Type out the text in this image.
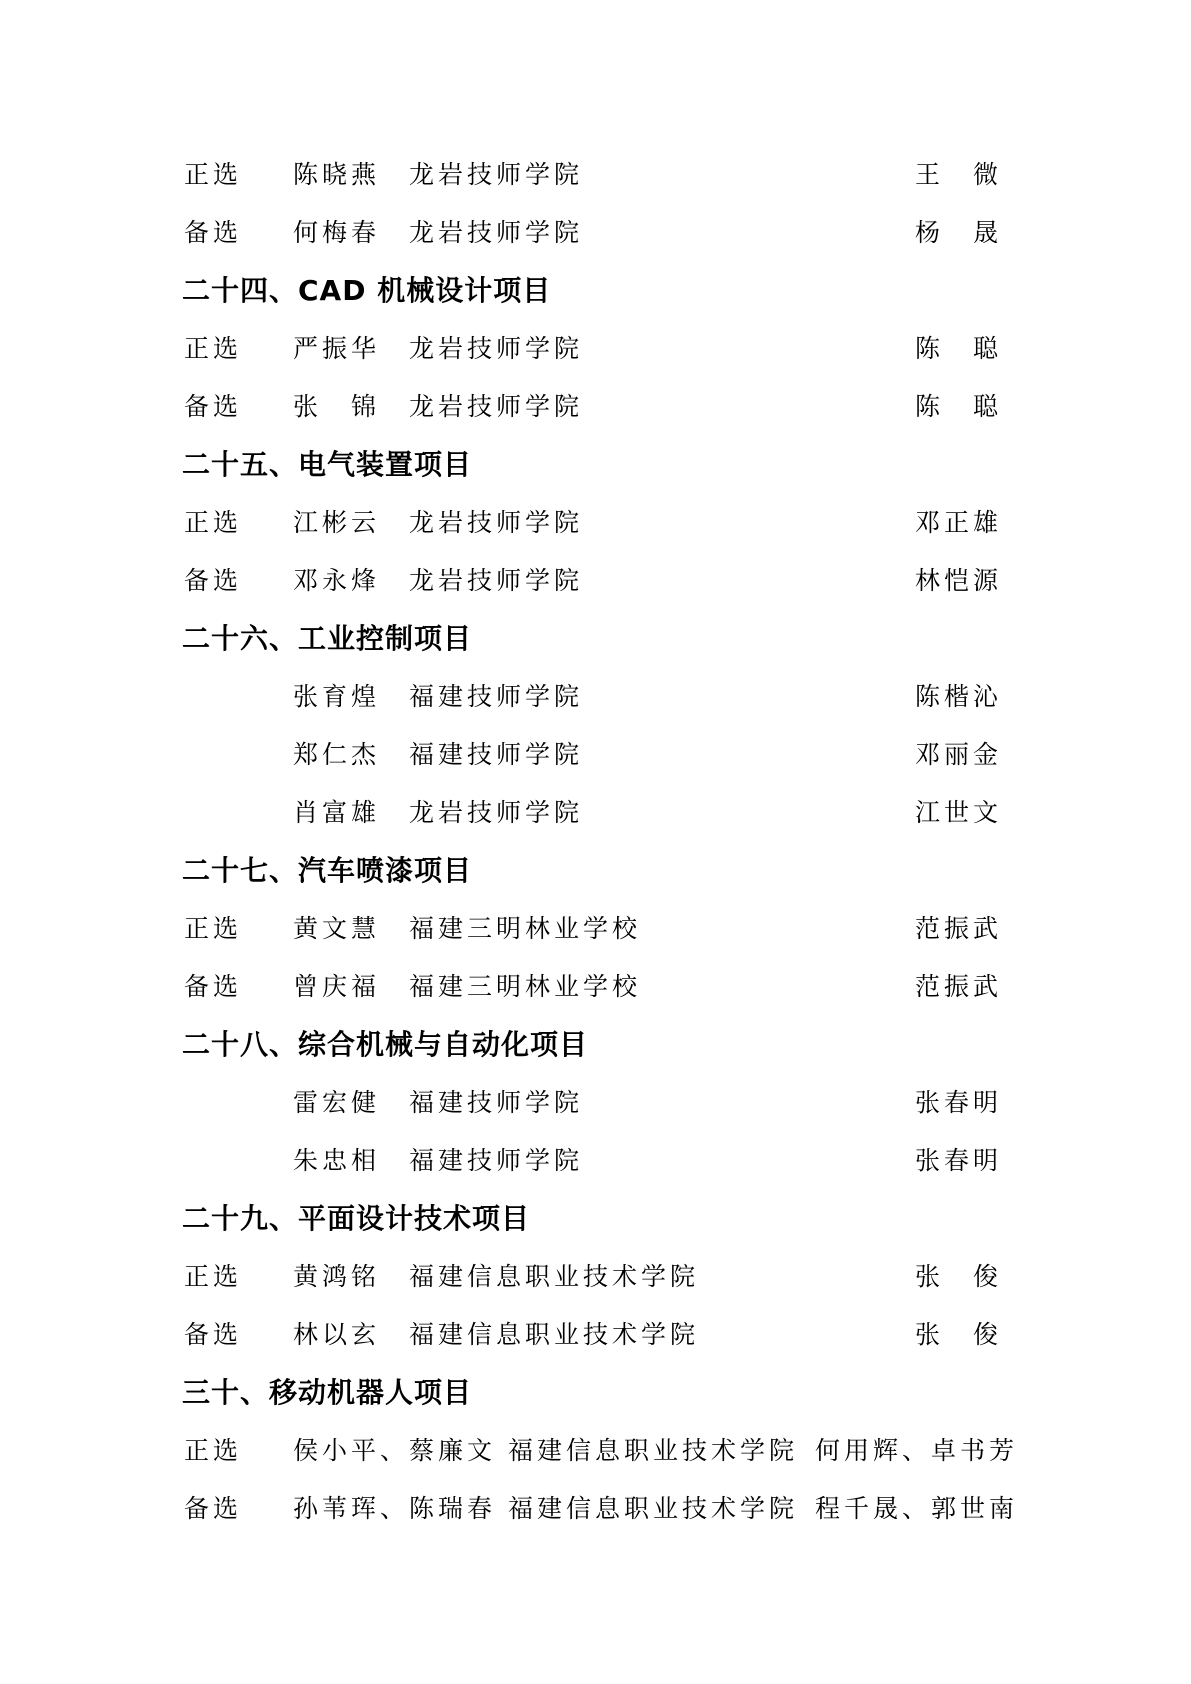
正选 陈晓燕 龙岩技师学院	王　微
备选 何梅春 龙岩技师学院	杨　晟
二十四、CAD 机械设计项目
正选 严振华 龙岩技师学院	陈　聪
备选 张　锦 龙岩技师学院	陈　聪
二十五、电气装置项目
正选 江彬云 龙岩技师学院	邓正雄
备选 邓永烽 龙岩技师学院	林恺源
二十六、工业控制项目
张育煌 福建技师学院	陈楷沁
郑仁杰 福建技师学院	邓丽金
肖富雄 龙岩技师学院	江世文
二十七、汽车喷漆项目
正选 黄文慧 福建三明林业学校	范振武
备选 曾庆福 福建三明林业学校	范振武
二十八、综合机械与自动化项目
雷宏健 福建技师学院	张春明
朱忠相 福建技师学院	张春明
二十九、平面设计技术项目
正选 黄鸿铭 福建信息职业技术学院	张　俊
备选 林以玄 福建信息职业技术学院	张　俊
三十、移动机器人项目
正选 侯小平、蔡廉文 福建信息职业技术学院 何用辉、卓书芳
备选 孙苇珲、陈瑞春 福建信息职业技术学院 程千晟、郭世南
